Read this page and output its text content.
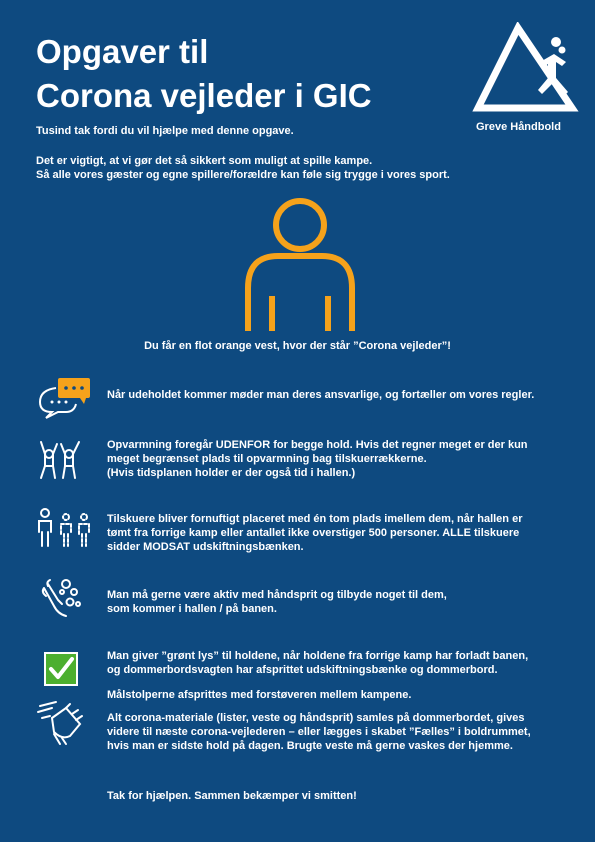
Opgaver til
Corona vejleder i GIC
Greve Håndbold
Tusind tak fordi du vil hjælpe med denne opgave.
Det er vigtigt, at vi gør det så sikkert som muligt at spille kampe.
Så alle vores gæster og egne spillere/forældre kan føle sig trygge i vores sport.
Du får en flot orange vest, hvor der står ”Corona vejleder”!
Når udeholdet kommer møder man deres ansvarlige, og fortæller om vores regler.
Opvarmning foregår UDENFOR for begge hold. Hvis det regner meget er der kun
meget begrænset plads til opvarmning bag tilskuerrækkerne.
(Hvis tidsplanen holder er der også tid i hallen.)
Tilskuere bliver fornuftigt placeret med én tom plads imellem dem, når hallen er
tømt fra forrige kamp eller antallet ikke overstiger 500 personer. ALLE tilskuere
sidder MODSAT udskiftningsbænken.
Man må gerne være aktiv med håndsprit og tilbyde noget til dem,
som kommer i hallen / på banen.
Man giver ”grønt lys” til holdene, når holdene fra forrige kamp har forladt banen,
og dommerbordsvagten har afsprittet udskiftningsbænke og dommerbord.
Målstolperne afsprittes med forstøveren mellem kampene.
Alt corona-materiale (lister, veste og håndsprit) samles på dommerbordet, gives
videre til næste corona-vejlederen – eller lægges i skabet ”Fælles” i boldrummet,
hvis man er sidste hold på dagen. Brugte veste må gerne vaskes der hjemme.
Tak for hjælpen. Sammen bekæmper vi smitten!
